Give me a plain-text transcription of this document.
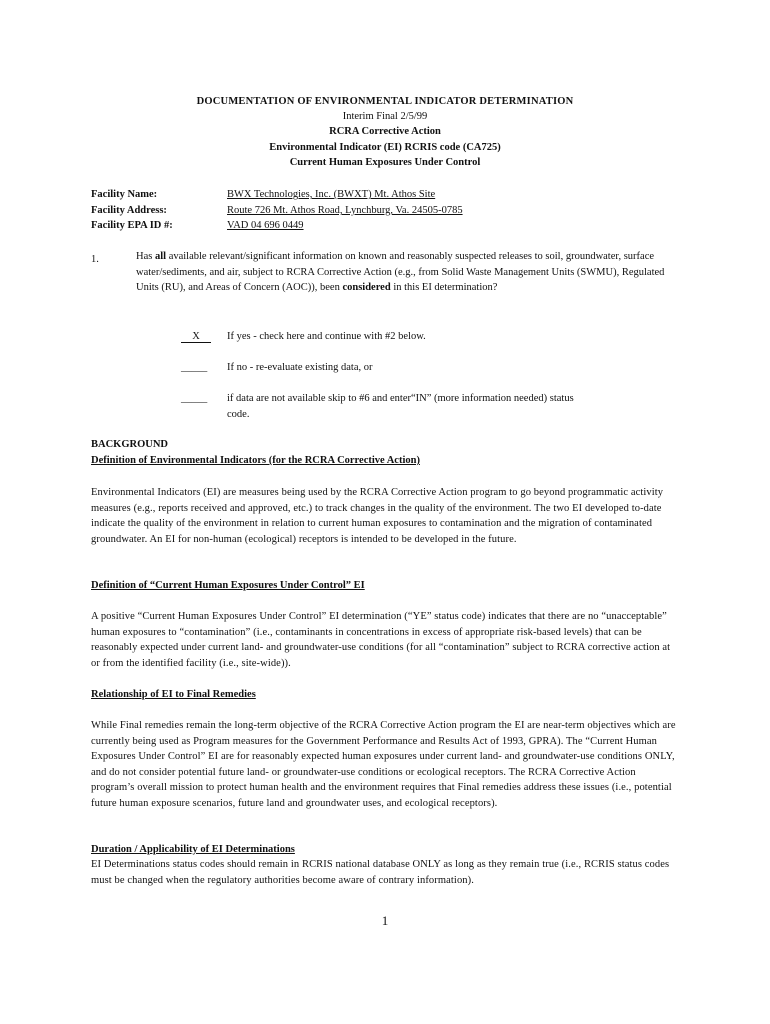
DOCUMENTATION OF ENVIRONMENTAL INDICATOR DETERMINATION
Interim Final 2/5/99
RCRA Corrective Action
Environmental Indicator (EI) RCRIS code (CA725)
Current Human Exposures Under Control
Facility Name:	BWX Technologies, Inc. (BWXT) Mt. Athos Site
Facility Address:	Route 726 Mt. Athos Road, Lynchburg, Va. 24505-0785
Facility EPA ID #:	VAD 04 696 0449
1.	Has all available relevant/significant information on known and reasonably suspected releases to soil, groundwater, surface water/sediments, and air, subject to RCRA Corrective Action (e.g., from Solid Waste Management Units (SWMU), Regulated Units (RU), and Areas of Concern (AOC)), been considered in this EI determination?
X	If yes - check here and continue with #2 below.
_____ If no - re-evaluate existing data, or
_____ if data are not available skip to #6 and enter“IN” (more information needed) status code.
BACKGROUND
Definition of Environmental Indicators (for the RCRA Corrective Action)
Environmental Indicators (EI) are measures being used by the RCRA Corrective Action program to go beyond programmatic activity measures (e.g., reports received and approved, etc.) to track changes in the quality of the environment. The two EI developed to-date indicate the quality of the environment in relation to current human exposures to contamination and the migration of contaminated groundwater. An EI for non-human (ecological) receptors is intended to be developed in the future.
Definition of “Current Human Exposures Under Control” EI
A positive “Current Human Exposures Under Control” EI determination (“YE” status code) indicates that there are no “unacceptable” human exposures to “contamination” (i.e., contaminants in concentrations in excess of appropriate risk-based levels) that can be reasonably expected under current land- and groundwater-use conditions (for all “contamination” subject to RCRA corrective action at or from the identified facility (i.e., site-wide)).
Relationship of EI to Final Remedies
While Final remedies remain the long-term objective of the RCRA Corrective Action program the EI are near-term objectives which are currently being used as Program measures for the Government Performance and Results Act of 1993, GPRA). The “Current Human Exposures Under Control” EI are for reasonably expected human exposures under current land- and groundwater-use conditions ONLY, and do not consider potential future land- or groundwater-use conditions or ecological receptors. The RCRA Corrective Action program’s overall mission to protect human health and the environment requires that Final remedies address these issues (i.e., potential future human exposure scenarios, future land and groundwater uses, and ecological receptors).
Duration / Applicability of EI Determinations
EI Determinations status codes should remain in RCRIS national database ONLY as long as they remain true (i.e., RCRIS status codes must be changed when the regulatory authorities become aware of contrary information).
1
